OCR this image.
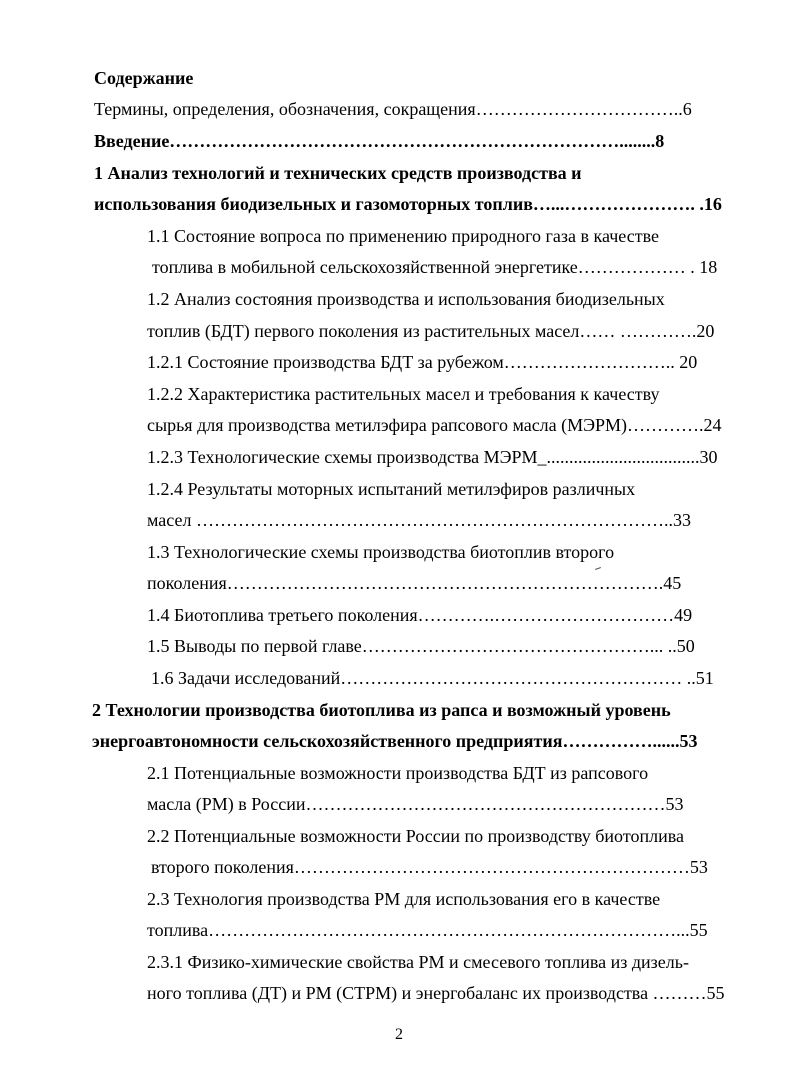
Содержание
Термины, определения, обозначения, сокращения……………………………..6
Введение…………………………………………………………………........8
1 Анализ технологий и технических средств производства и
использования биодизельных и газомоторных топлив…...…………………. .16
1.1 Состояние вопроса по применению природного газа в качестве
топлива в мобильной сельскохозяйственной энергетике……………… . 18
1.2 Анализ состояния производства и использования биодизельных
топлив (БДТ) первого поколения из растительных масел…… ………….20
1.2.1 Состояние производства БДТ за рубежом……………………….. 20
1.2.2 Характеристика растительных масел и требования к качеству
сырья для производства метилэфира рапсового масла (МЭРМ)………….24
1.2.3 Технологические схемы производства МЭРМ_..................................30
1.2.4 Результаты моторных испытаний метилэфиров различных
масел ……………………………………………………………………..33
1.3 Технологические схемы производства биотоплив второго
поколения……………………………………………………………….45
1.4 Биотоплива третьего поколения………….…………………………49
1.5 Выводы по первой главе…………………………………………... ..50
1.6 Задачи исследований………………………………………………… ..51
2 Технологии производства биотоплива из рапса и возможный уровень
энергоавтономности сельскохозяйственного предприятия……………......53
2.1 Потенциальные возможности производства БДТ из рапсового
масла (РМ) в России……………………………………………………53
2.2 Потенциальные возможности России по производству биотоплива
второго поколения…………………………………………………………53
2.3 Технология производства РМ для использования его в качестве
топлива……………………………………………………………………...55
2.3.1 Физико-химические свойства РМ и смесевого топлива из дизель-
ного топлива (ДТ) и РМ (СТРМ) и энергобаланс их производства ………55
2
